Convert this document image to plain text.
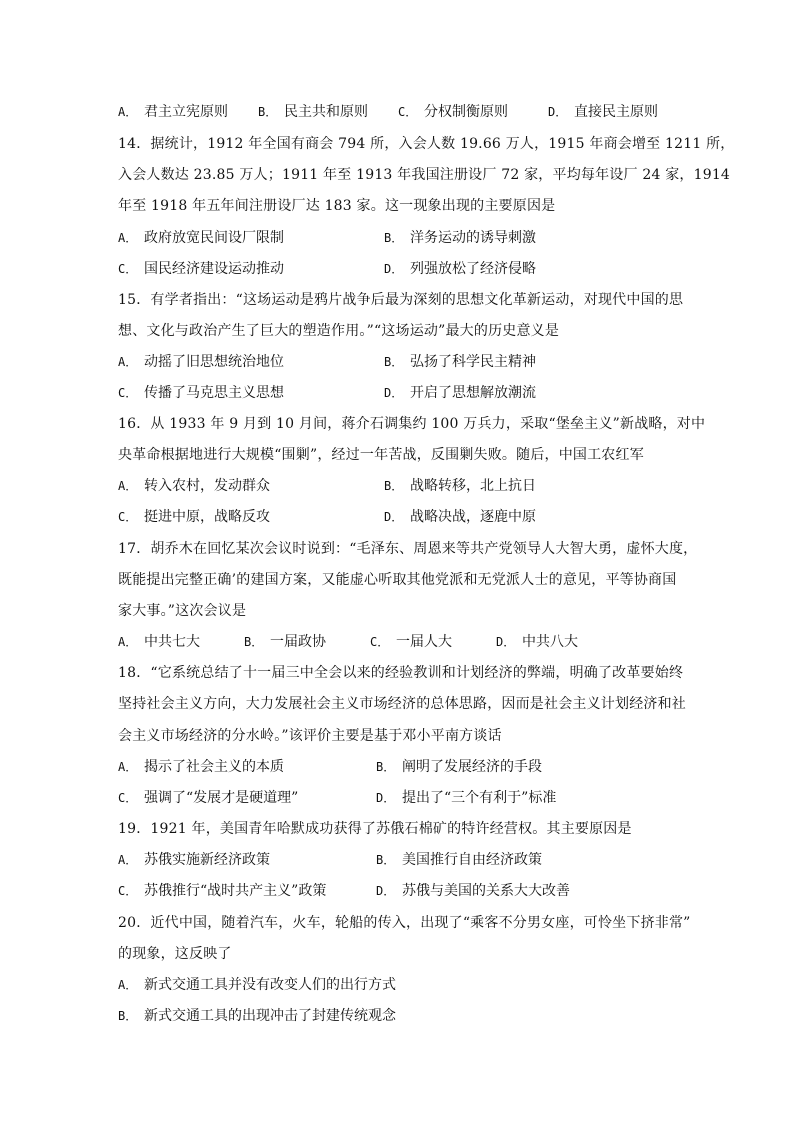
A． 君主立宪原则	B． 民主共和原则	C． 分权制衡原则	D． 直接民主原则
14．据统计，1912 年全国有商会 794 所，入会人数 19.66 万人，1915 年商会增至 1211 所，
入会人数达 23.85 万人；1911 年至 1913 年我国注册设厂 72 家，平均每年设厂 24 家，1914
年至 1918 年五年间注册设厂达 183 家。这一现象出现的主要原因是
A． 政府放宽民间设厂限制	B． 洋务运动的诱导刺激
C． 国民经济建设运动推动	D． 列强放松了经济侵略
15．有学者指出：“这场运动是鸦片战争后最为深刻的思想文化革新运动，对现代中国的思
想、文化与政治产生了巨大的塑造作用。”“这场运动”最大的历史意义是
A． 动摇了旧思想统治地位	B． 弘扬了科学民主精神
C． 传播了马克思主义思想	D． 开启了思想解放潮流
16．从 1933 年 9 月到 10 月间，蒋介石调集约 100 万兵力，采取“堡垒主义”新战略，对中
央革命根据地进行大规模“围剿”，经过一年苦战，反围剿失败。随后，中国工农红军
A． 转入农村，发动群众	B． 战略转移，北上抗日
C． 挺进中原，战略反攻	D． 战略决战，逐鹿中原
17．胡乔木在回忆某次会议时说到：“毛泽东、周恩来等共产党领导人大智大勇，虚怀大度，
既能提出完整正确’的建国方案，又能虚心听取其他党派和无党派人士的意见，平等协商国
家大事。”这次会议是
A． 中共七大	B． 一届政协	C． 一届人大	D． 中共八大
18．“它系统总结了十一届三中全会以来的经验教训和计划经济的弊端，明确了改革要始终
坚持社会主义方向，大力发展社会主义市场经济的总体思路，因而是社会主义计划经济和社
会主义市场经济的分水岭。”该评价主要是基于邓小平南方谈话
A． 揭示了社会主义的本质	B． 阐明了发展经济的手段
C． 强调了“发展才是硬道理”	D． 提出了“三个有利于”标准
19．1921 年，美国青年哈默成功获得了苏俄石棉矿的特许经营权。其主要原因是
A． 苏俄实施新经济政策	B． 美国推行自由经济政策
C． 苏俄推行“战时共产主义”政策	D． 苏俄与美国的关系大大改善
20．近代中国，随着汽车，火车，轮船的传入，出现了“乘客不分男女座，可怜坐下挤非常”
的现象，这反映了
A． 新式交通工具并没有改变人们的出行方式
B． 新式交通工具的出现冲击了封建传统观念
